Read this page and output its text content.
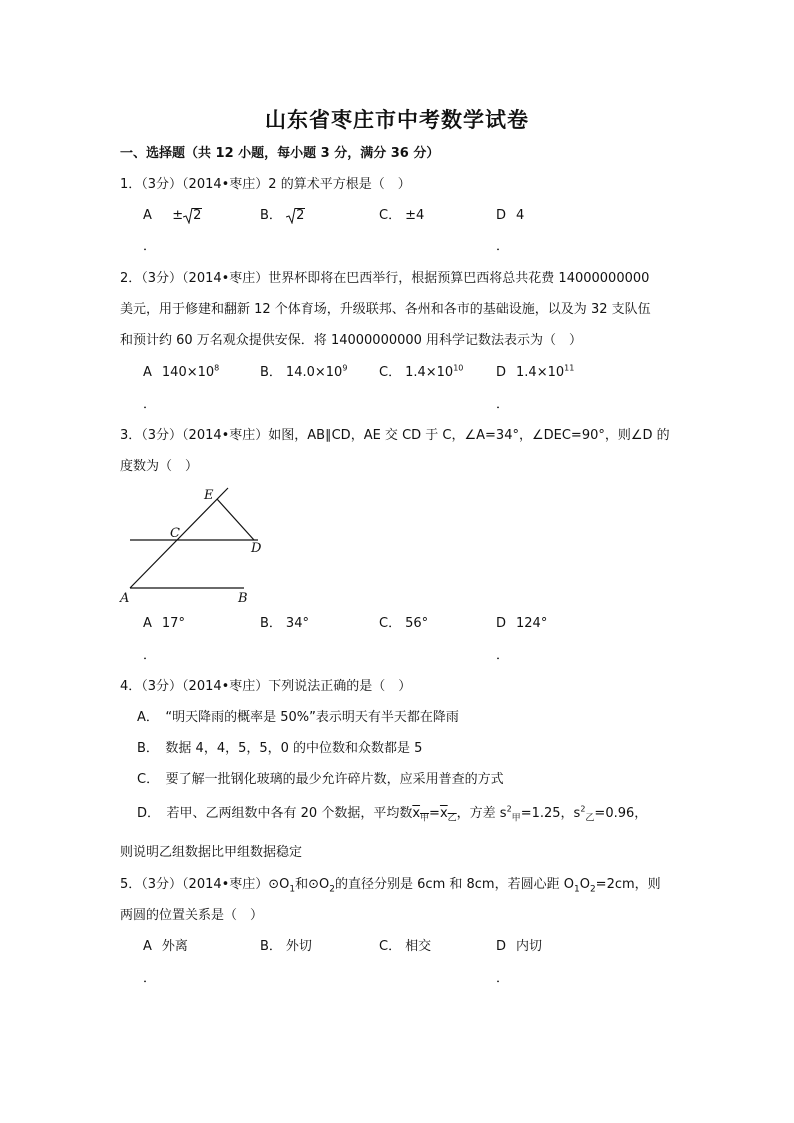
山东省枣庄市中考数学试卷
一、选择题（共 12 小题，每小题 3 分，满分 36 分）
1．（3分）（2014•枣庄）2 的算术平方根是（　）
A ± 2	B． 2	C． ±4	D 4
．	．
2．（3分）（2014•枣庄）世界杯即将在巴西举行，根据预算巴西将总共花费 14000000000
美元，用于修建和翻新 12 个体育场，升级联邦、各州和各市的基础设施，以及为 32 支队伍
和预计约 60 万名观众提供安保．将 14000000000 用科学记数法表示为（　）
A $140\times 10^8$	B． $14.0\times 10^9$ C． $1.4\times 10^{10}$	D $1.4\times 10^{11}$
．	．
3．（3分）（2014•枣庄）如图，AB∥CD，AE 交 CD 于 C，∠A=34°，∠DEC=90°，则∠D 的
度数为（　）
E
C
D
A	B
A 17°	B． 34°	C． 56°	D 124°
．	．
4．（3分）（2014•枣庄）下列说法正确的是（　）
A．　“明天降雨的概率是 50%”表示明天有半天都在降雨
B．　数据 4，4，5，5，0 的中位数和众数都是 5
C．　要了解一批钢化玻璃的最少允许碎片数，应采用普查的方式
D．　若甲、乙两组数中各有 20 个数据，平均数$x_甲=x_乙$，方差 $s^2_甲=1.25$，$s^2_乙=0.96$，
则说明乙组数据比甲组数据稳定
5．（3分）（2014•枣庄）$⊙O_1$和$⊙O_2$的直径分别是 6cm 和 8cm，若圆心距 $O_1O_2=2cm$，则
两圆的位置关系是（　）
A 外离	B． 外切	C． 相交	D 内切
．	．
